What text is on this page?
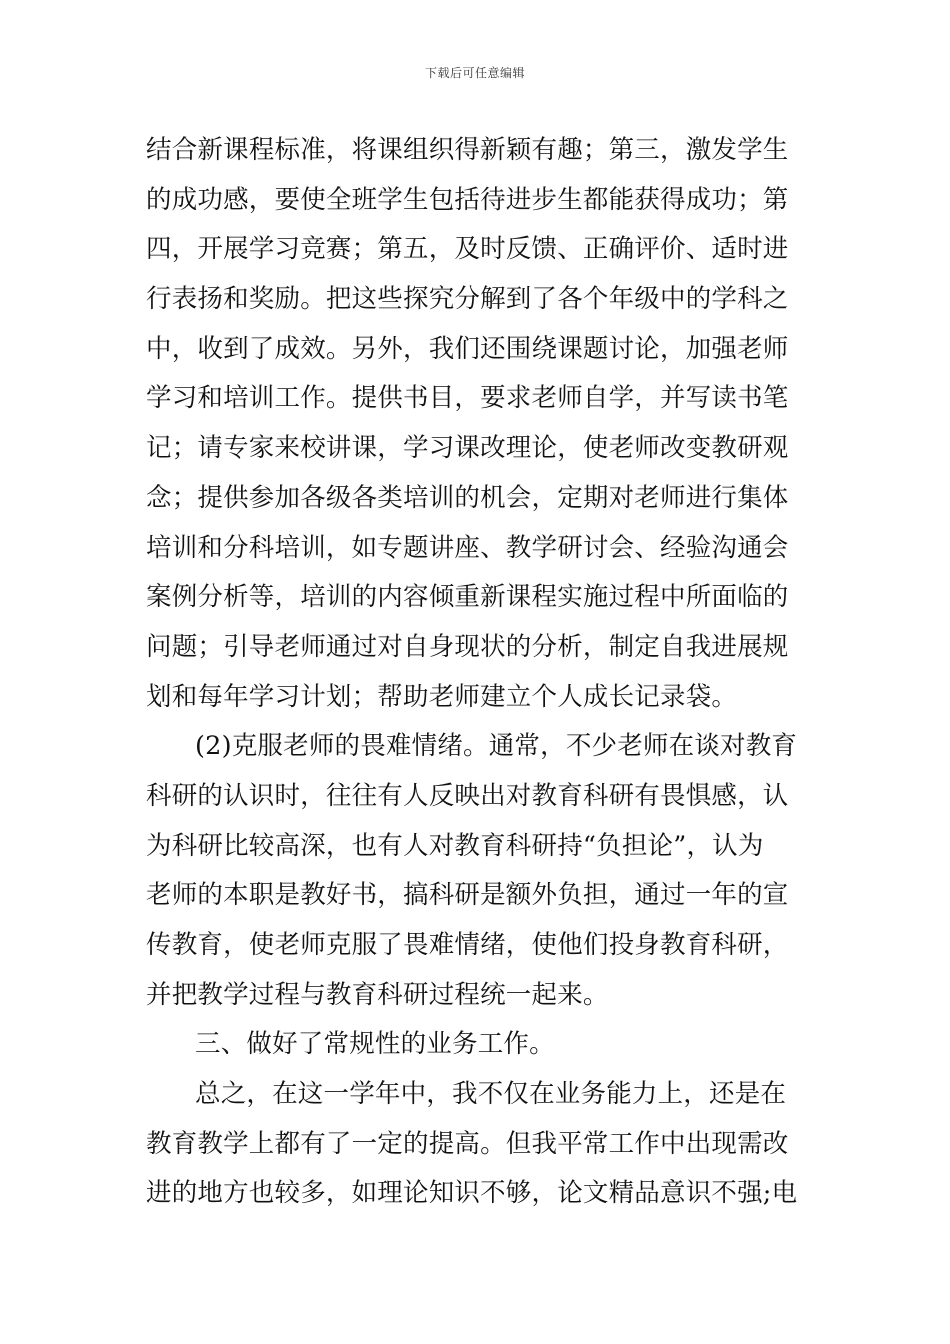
下载后可任意编辑
结合新课程标准，将课组织得新颖有趣；第三，激发学生
的成功感，要使全班学生包括待进步生都能获得成功；第
四，开展学习竞赛；第五，及时反馈、正确评价、适时进
行表扬和奖励。把这些探究分解到了各个年级中的学科之
中，收到了成效。另外，我们还围绕课题讨论，加强老师
学习和培训工作。提供书目，要求老师自学，并写读书笔
记；请专家来校讲课，学习课改理论，使老师改变教研观
念；提供参加各级各类培训的机会，定期对老师进行集体
培训和分科培训，如专题讲座、教学研讨会、经验沟通会
案例分析等，培训的内容倾重新课程实施过程中所面临的
问题；引导老师通过对自身现状的分析，制定自我进展规
划和每年学习计划；帮助老师建立个人成长记录袋。
(2)克服老师的畏难情绪。通常，不少老师在谈对教育
科研的认识时，往往有人反映出对教育科研有畏惧感，认
为科研比较高深，也有人对教育科研持“负担论”，认为
老师的本职是教好书，搞科研是额外负担，通过一年的宣
传教育，使老师克服了畏难情绪，使他们投身教育科研，
并把教学过程与教育科研过程统一起来。
三、做好了常规性的业务工作。
总之，在这一学年中，我不仅在业务能力上，还是在
教育教学上都有了一定的提高。但我平常工作中出现需改
进的地方也较多，如理论知识不够，论文精品意识不强;电
